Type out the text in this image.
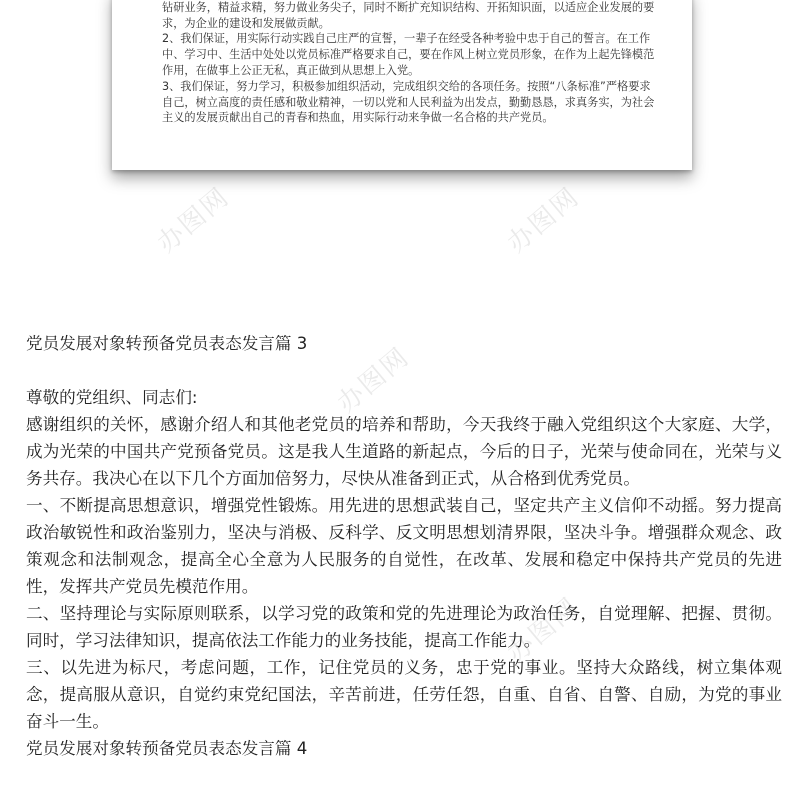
钻研业务，精益求精，努力做业务尖子，同时不断扩充知识结构、开拓知识面，以适应企业发展的要求，为企业的建设和发展做贡献。

2、我们保证，用实际行动实践自己庄严的宣誓，一辈子在经受各种考验中忠于自己的誓言。在工作中、学习中、生活中处处以党员标准严格要求自己，要在作风上树立党员形象，在作为上起先锋模范作用，在做事上公正无私，真正做到从思想上入党。

3、我们保证，努力学习，积极参加组织活动，完成组织交给的各项任务。按照“八条标准”严格要求自己，树立高度的责任感和敬业精神，一切以党和人民利益为出发点，勤勤恳恳，求真务实，为社会主义的发展贡献出自己的青春和热血，用实际行动来争做一名合格的共产党员。

办图网	办图网
办图网
办图网

党员发展对象转预备党员表态发言篇 3

尊敬的党组织、同志们:

感谢组织的关怀，感谢介绍人和其他老党员的培养和帮助，今天我终于融入党组织这个大家庭、大学，成为光荣的中国共产党预备党员。这是我人生道路的新起点，今后的日子，光荣与使命同在，光荣与义务共存。我决心在以下几个方面加倍努力，尽快从准备到正式，从合格到优秀党员。

一、不断提高思想意识，增强党性锻炼。用先进的思想武装自己，坚定共产主义信仰不动摇。努力提高政治敏锐性和政治鉴别力，坚决与消极、反科学、反文明思想划清界限，坚决斗争。增强群众观念、政策观念和法制观念，提高全心全意为人民服务的自觉性，在改革、发展和稳定中保持共产党员的先进性，发挥共产党员先模范作用。

二、坚持理论与实际原则联系，以学习党的政策和党的先进理论为政治任务，自觉理解、把握、贯彻。同时，学习法律知识，提高依法工作能力的业务技能，提高工作能力。

三、以先进为标尺，考虑问题，工作，记住党员的义务，忠于党的事业。坚持大众路线，树立集体观念，提高服从意识，自觉约束党纪国法，辛苦前进，任劳任怨，自重、自省、自警、自励，为党的事业奋斗一生。

党员发展对象转预备党员表态发言篇 4
